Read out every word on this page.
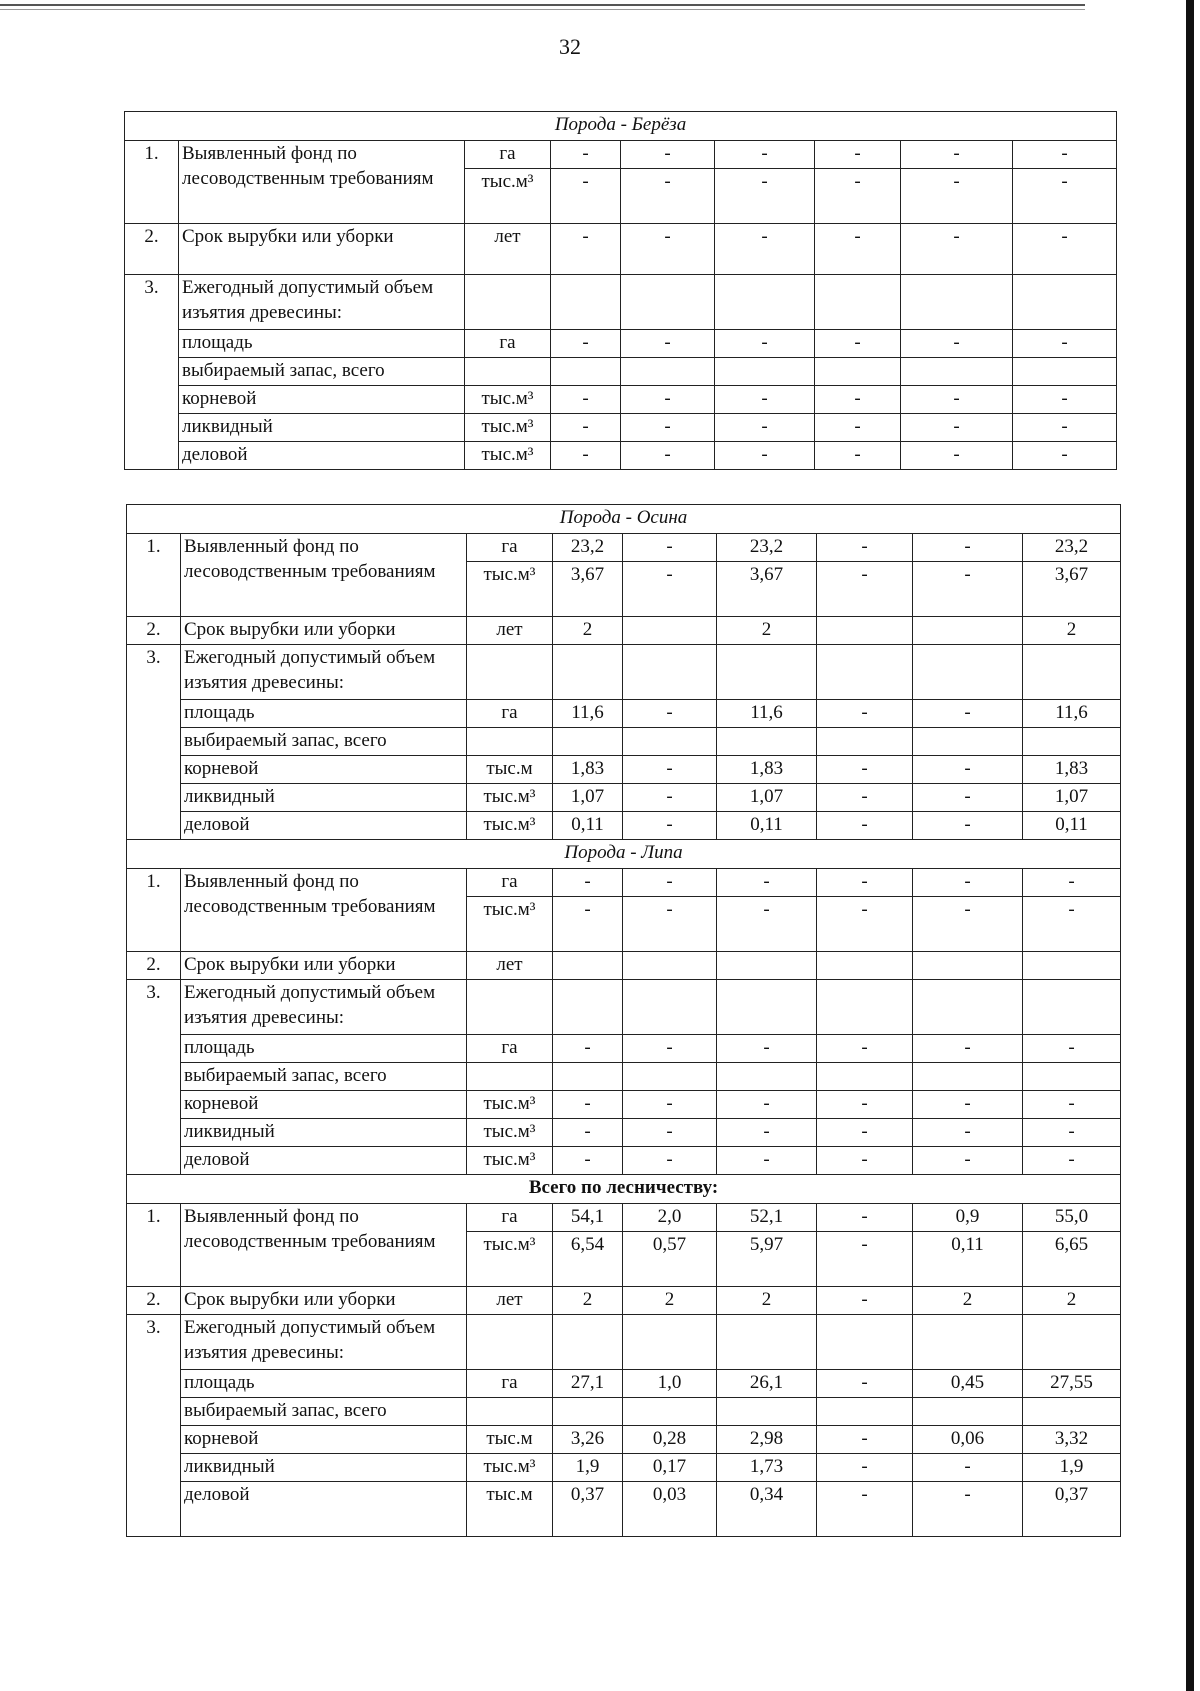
32
Порода - Берёза								
1.	Выявленный фонд по лесоводственным требованиям	га	-	-	-	-	-	-
		тыс.м³	-	-	-	-	-	-
2.	Срок вырубки или уборки	лет	-	-	-	-	-	-
3.	Ежегодный допустимый объем изъятия древесины:							
	площадь	га	-	-	-	-	-	-
	выбираемый запас, всего							
	корневой	тыс.м³	-	-	-	-	-	-
	ликвидный	тыс.м³	-	-	-	-	-	-
	деловой	тыс.м³	-	-	-	-	-	-
Порода - Осина								
1.	Выявленный фонд по лесоводственным требованиям	га	23,2	-	23,2	-	-	23,2
		тыс.м³	3,67	-	3,67	-	-	3,67
2.	Срок вырубки или уборки	лет	2		2			2
3.	Ежегодный допустимый объем изъятия древесины:							
	площадь	га	11,6	-	11,6	-	-	11,6
	выбираемый запас, всего							
	корневой	тыс.м	1,83	-	1,83	-	-	1,83
	ликвидный	тыс.м³	1,07	-	1,07	-	-	1,07
	деловой	тыс.м³	0,11	-	0,11	-	-	0,11
Порода - Липа								
1.	Выявленный фонд по лесоводственным требованиям	га	-	-	-	-	-	-
		тыс.м³	-	-	-	-	-	-
2.	Срок вырубки или уборки	лет						
3.	Ежегодный допустимый объем изъятия древесины:							
	площадь	га	-	-	-	-	-	-
	выбираемый запас, всего							
	корневой	тыс.м³	-	-	-	-	-	-
	ликвидный	тыс.м³	-	-	-	-	-	-
	деловой	тыс.м³	-	-	-	-	-	-
Всего по лесничеству:								
1.	Выявленный фонд по лесоводственным требованиям	га	54,1	2,0	52,1	-	0,9	55,0
		тыс.м³	6,54	0,57	5,97	-	0,11	6,65
2.	Срок вырубки или уборки	лет	2	2	2	-	2	2
3.	Ежегодный допустимый объем изъятия древесины:							
	площадь	га	27,1	1,0	26,1	-	0,45	27,55
	выбираемый запас, всего							
	корневой	тыс.м	3,26	0,28	2,98	-	0,06	3,32
	ликвидный	тыс.м³	1,9	0,17	1,73	-	-	1,9
	деловой	тыс.м	0,37	0,03	0,34	-	-	0,37
